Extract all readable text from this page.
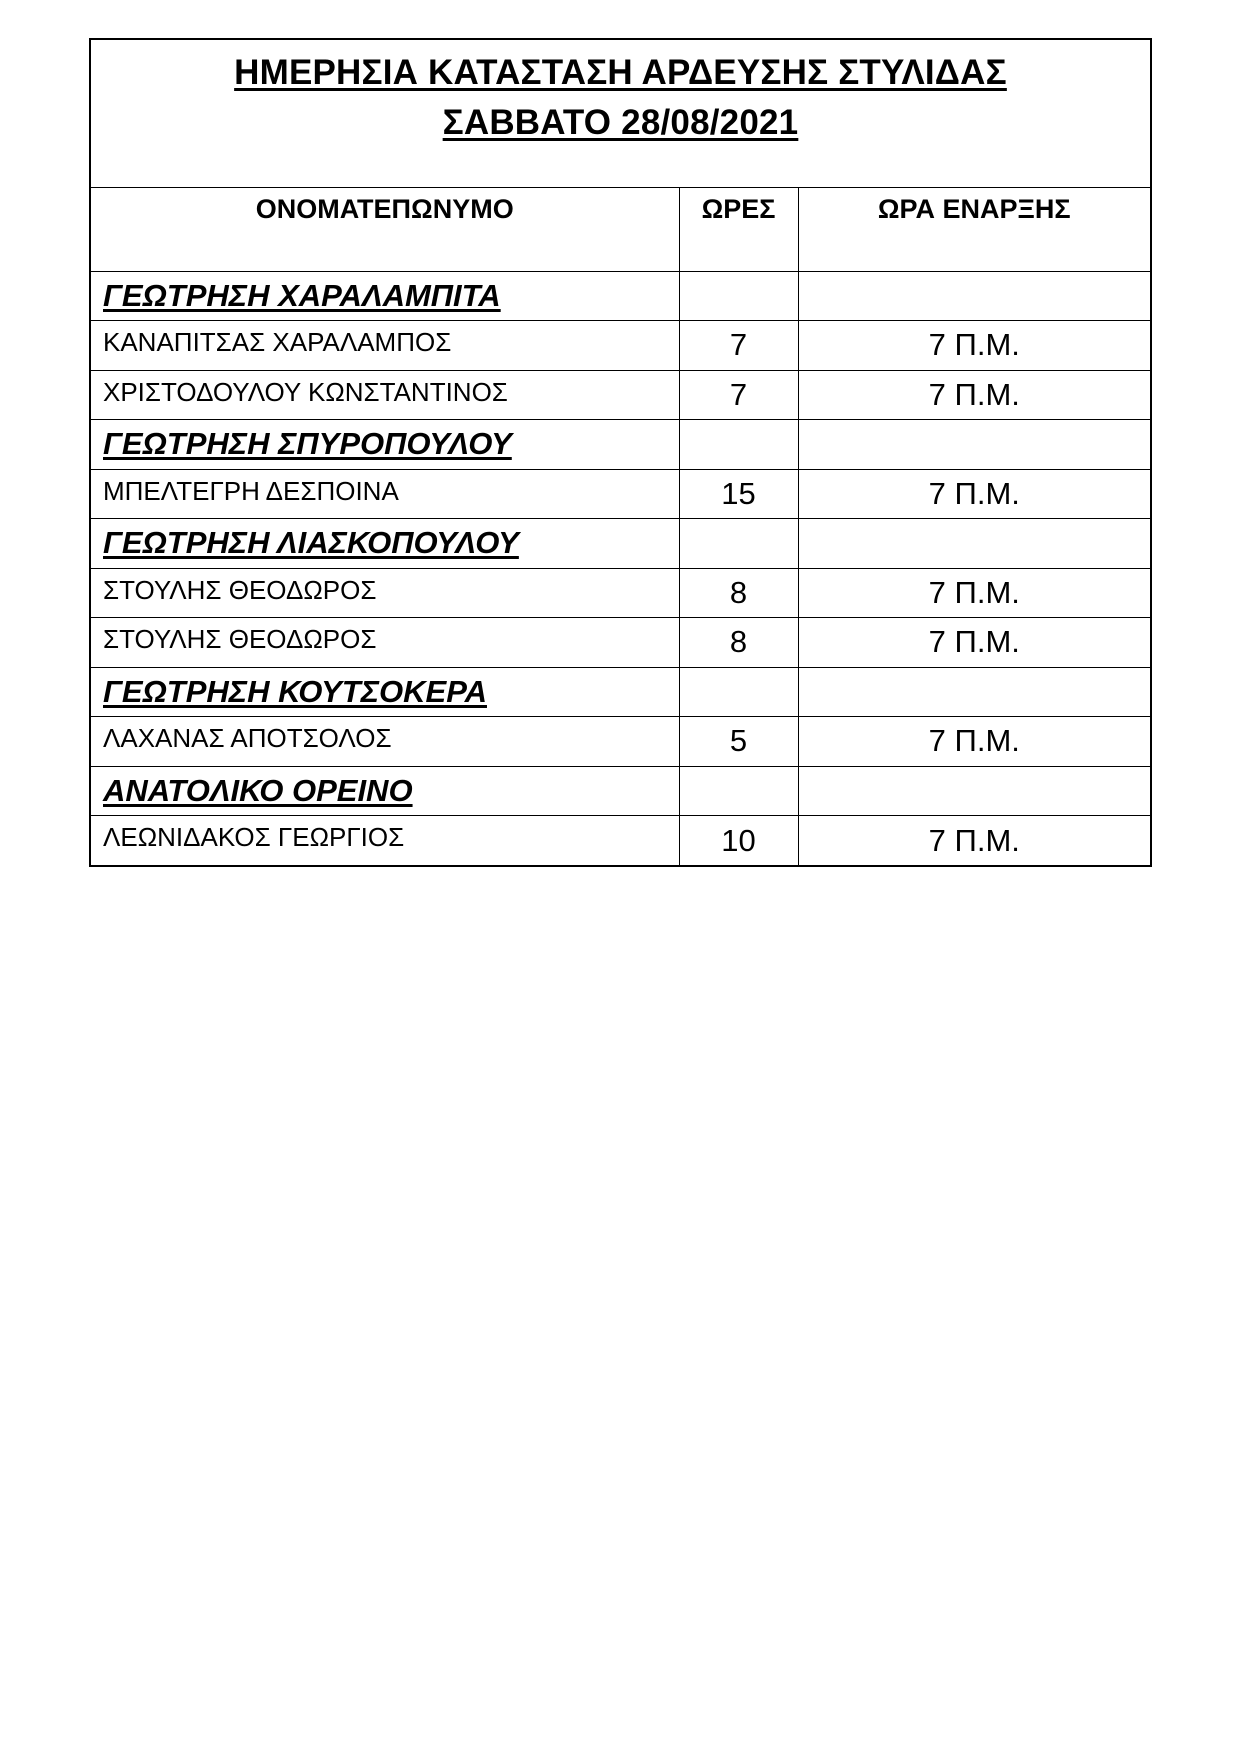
ΗΜΕΡΗΣΙΑ ΚΑΤΑΣΤΑΣΗ ΑΡΔΕΥΣΗΣ ΣΤΥΛΙΔΑΣ
ΣΑΒΒΑΤΟ 28/08/2021
ΟΝΟΜΑΤΕΠΩΝΥΜΟ	ΩΡΕΣ	ΩΡΑ ΕΝΑΡΞΗΣ
ΓΕΩΤΡΗΣΗ ΧΑΡΑΛΑΜΠΙΤΑ		
ΚΑΝΑΠΙΤΣΑΣ ΧΑΡΑΛΑΜΠΟΣ	7	7 Π.Μ.
ΧΡΙΣΤΟΔΟΥΛΟΥ ΚΩΝΣΤΑΝΤΙΝΟΣ	7	7 Π.Μ.
ΓΕΩΤΡΗΣΗ ΣΠΥΡΟΠΟΥΛΟΥ		
ΜΠΕΛΤΕΓΡΗ ΔΕΣΠΟΙΝΑ	15	7 Π.Μ.
ΓΕΩΤΡΗΣΗ ΛΙΑΣΚΟΠΟΥΛΟΥ		
ΣΤΟΥΛΗΣ ΘΕΟΔΩΡΟΣ	8	7 Π.Μ.
ΣΤΟΥΛΗΣ ΘΕΟΔΩΡΟΣ	8	7 Π.Μ.
ΓΕΩΤΡΗΣΗ ΚΟΥΤΣΟΚΕΡΑ		
ΛΑΧΑΝΑΣ ΑΠΟΤΣΟΛΟΣ	5	7 Π.Μ.
ΑΝΑΤΟΛΙΚΟ ΟΡΕΙΝΟ		
ΛΕΩΝΙΔΑΚΟΣ ΓΕΩΡΓΙΟΣ	10	7 Π.Μ.
